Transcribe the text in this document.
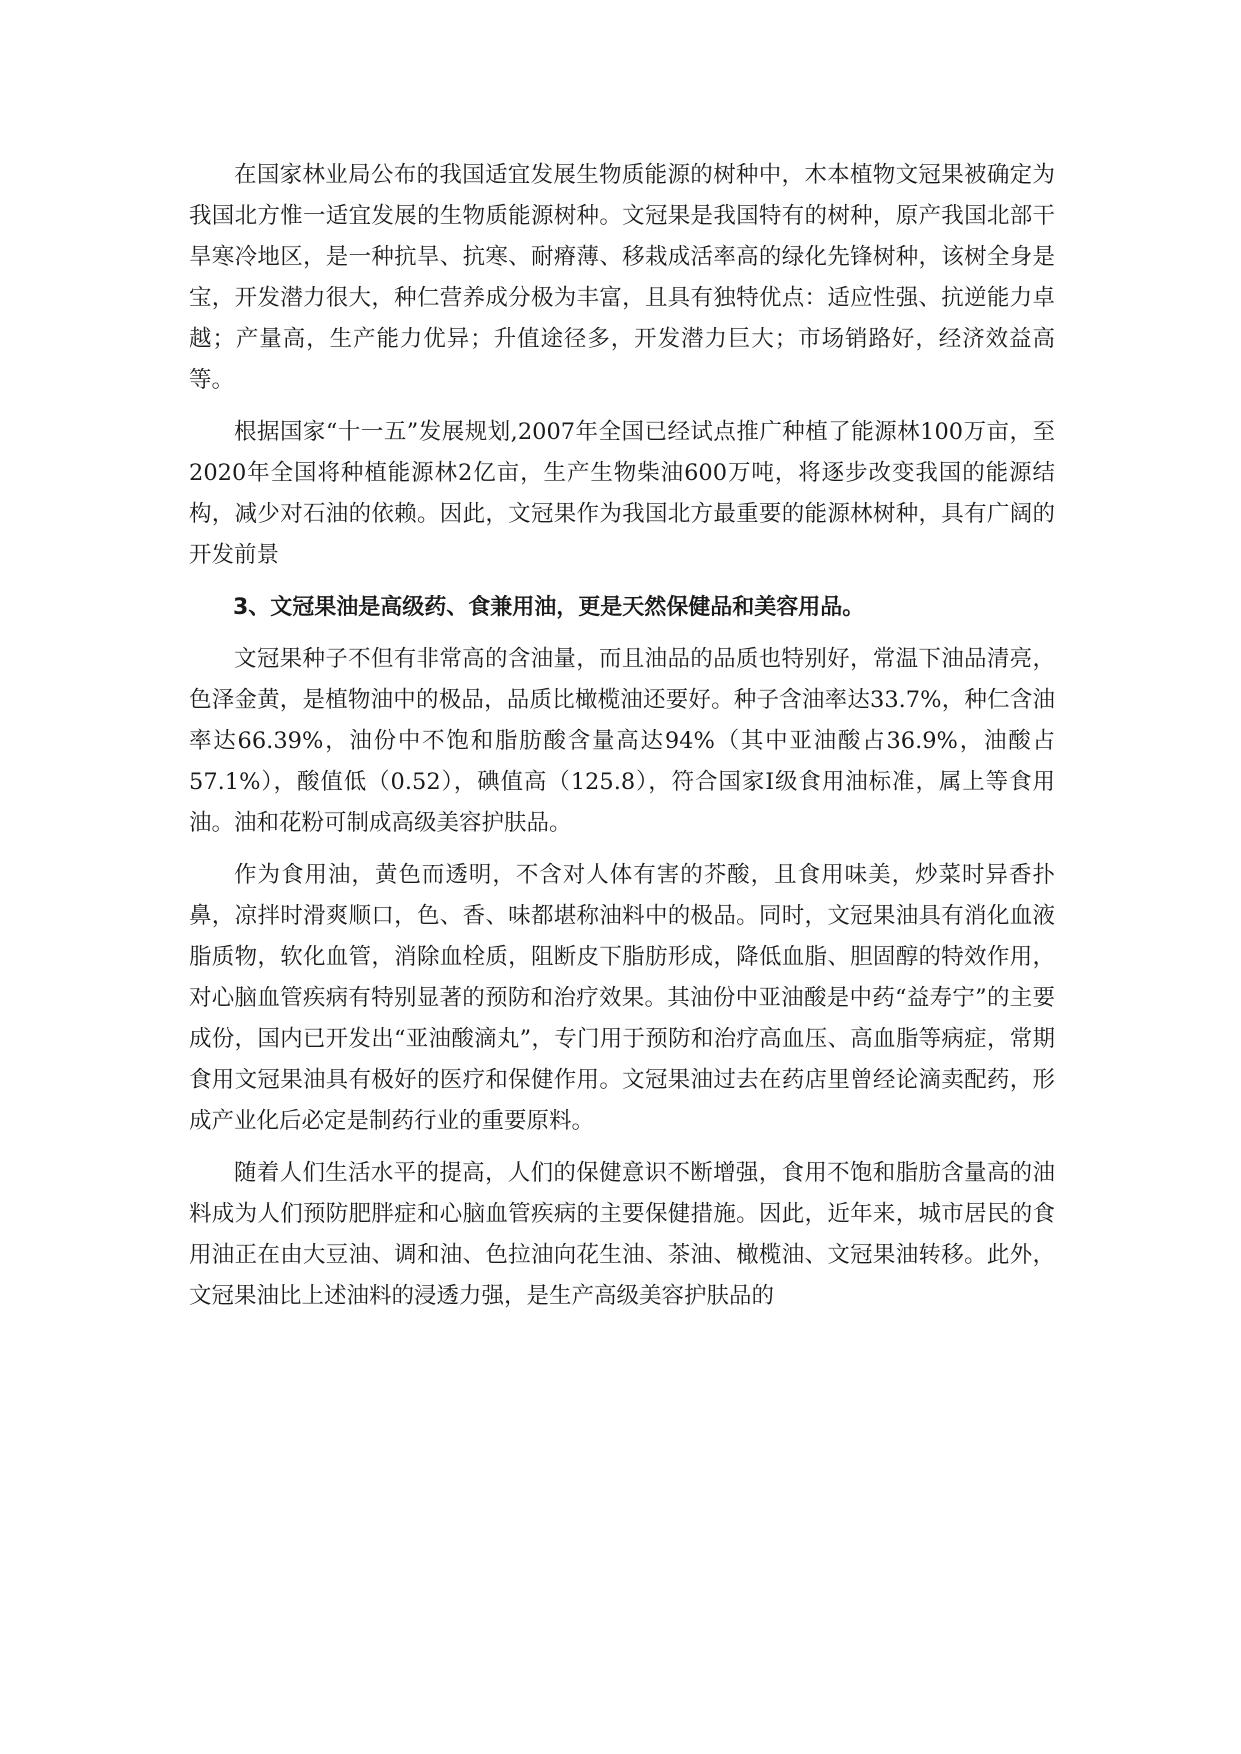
在国家林业局公布的我国适宜发展生物质能源的树种中，木本植物文冠果被确定为我国北方惟一适宜发展的生物质能源树种。文冠果是我国特有的树种，原产我国北部干旱寒冷地区，是一种抗旱、抗寒、耐瘠薄、移栽成活率高的绿化先锋树种，该树全身是宝，开发潜力很大，种仁营养成分极为丰富，且具有独特优点：适应性强、抗逆能力卓越；产量高，生产能力优异；升值途径多，开发潜力巨大；市场销路好，经济效益高等。

根据国家“十一五”发展规划,2007年全国已经试点推广种植了能源林100万亩，至2020年全国将种植能源林2亿亩，生产生物柴油600万吨，将逐步改变我国的能源结构，减少对石油的依赖。因此，文冠果作为我国北方最重要的能源林树种，具有广阔的开发前景

3、文冠果油是高级药、食兼用油，更是天然保健品和美容用品。

文冠果种子不但有非常高的含油量，而且油品的品质也特别好，常温下油品清亮，色泽金黄，是植物油中的极品，品质比橄榄油还要好。种子含油率达33.7%，种仁含油率达66.39%，油份中不饱和脂肪酸含量高达94%（其中亚油酸占36.9%，油酸占57.1%），酸值低（0.52），碘值高（125.8），符合国家Ⅰ级食用油标准，属上等食用油。油和花粉可制成高级美容护肤品。

作为食用油，黄色而透明，不含对人体有害的芥酸，且食用味美，炒菜时异香扑鼻，凉拌时滑爽顺口，色、香、味都堪称油料中的极品。同时，文冠果油具有消化血液脂质物，软化血管，消除血栓质，阻断皮下脂肪形成，降低血脂、胆固醇的特效作用，对心脑血管疾病有特别显著的预防和治疗效果。其油份中亚油酸是中药“益寿宁”的主要成份，国内已开发出“亚油酸滴丸”，专门用于预防和治疗高血压、高血脂等病症，常期食用文冠果油具有极好的医疗和保健作用。文冠果油过去在药店里曾经论滴卖配药，形成产业化后必定是制药行业的重要原料。

随着人们生活水平的提高，人们的保健意识不断增强，食用不饱和脂肪含量高的油料成为人们预防肥胖症和心脑血管疾病的主要保健措施。因此，近年来，城市居民的食用油正在由大豆油、调和油、色拉油向花生油、茶油、橄榄油、文冠果油转移。此外，文冠果油比上述油料的浸透力强，是生产高级美容护肤品的
